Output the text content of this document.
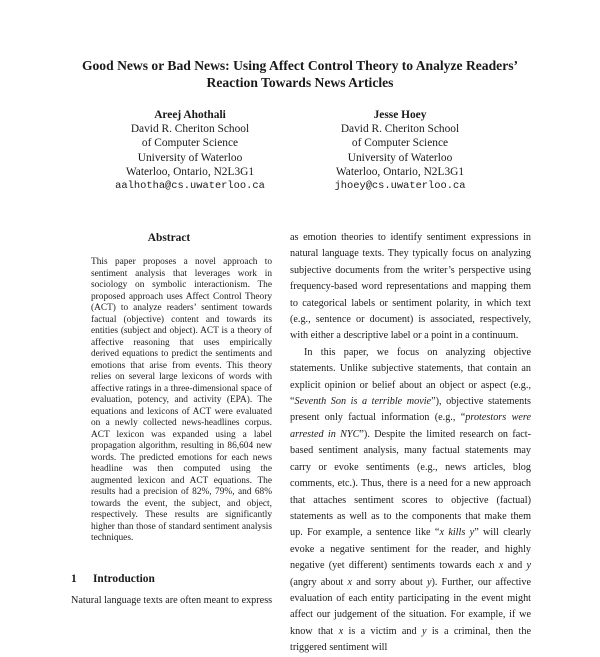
Good News or Bad News: Using Affect Control Theory to Analyze Readers’
Reaction Towards News Articles
Areej Ahothali
David R. Cheriton School
of Computer Science
University of Waterloo
Waterloo, Ontario, N2L3G1
aalhotha@cs.uwaterloo.ca
Jesse Hoey
David R. Cheriton School
of Computer Science
University of Waterloo
Waterloo, Ontario, N2L3G1
jhoey@cs.uwaterloo.ca
Abstract
This paper proposes a novel approach to sentiment analysis that leverages work in sociology on symbolic interactionism. The proposed approach uses Affect Control Theory (ACT) to analyze readers’ sentiment towards factual (objective) content and towards its entities (subject and object). ACT is a theory of affective reasoning that uses empirically derived equations to predict the sentiments and emotions that arise from events. This theory relies on several large lexicons of words with affective ratings in a three-dimensional space of evaluation, potency, and activity (EPA). The equations and lexicons of ACT were evaluated on a newly collected news-headlines corpus. ACT lexicon was expanded using a label propagation algorithm, resulting in 86,604 new words. The predicted emotions for each news headline was then computed using the augmented lexicon and ACT equations. The results had a precision of 82%, 79%, and 68% towards the event, the subject, and object, respectively. These results are significantly higher than those of standard sentiment analysis techniques.
1 Introduction
Natural language texts are often meant to express

as emotion theories to identify sentiment expressions in natural language texts. They typically focus on analyzing subjective documents from the writer’s perspective using frequency-based word representations and mapping them to categorical labels or sentiment polarity, in which text (e.g., sentence or document) is associated, respectively, with either a descriptive label or a point in a continuum.

In this paper, we focus on analyzing objective statements. Unlike subjective statements, that contain an explicit opinion or belief about an object or aspect (e.g., “Seventh Son is a terrible movie”), objective statements present only factual information (e.g., “protestors were arrested in NYC”). Despite the limited research on fact-based sentiment analysis, many factual statements may carry or evoke sentiments (e.g., news articles, blog comments, etc.). Thus, there is a need for a new approach that attaches sentiment scores to objective (factual) statements as well as to the components that make them up. For example, a sentence like “x kills y” will clearly evoke a negative sentiment for the reader, and highly negative (yet different) sentiments towards each x and y (angry about x and sorry about y). Further, our affective evaluation of each entity participating in the event might affect our judgement of the situation. For example, if we know that x is a victim and y is a criminal, then the triggered sentiment will
